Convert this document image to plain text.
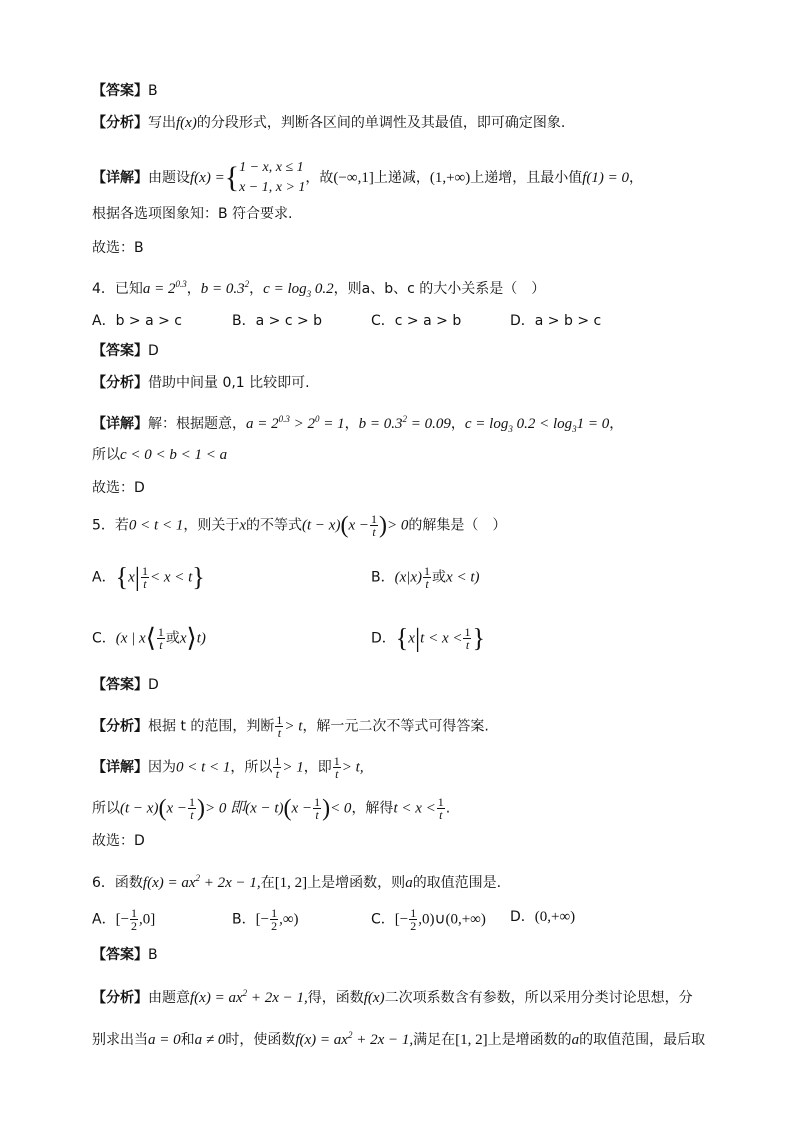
【答案】B
【分析】写出f(x)的分段形式，判断各区间的单调性及其最值，即可确定图象.
【详解】由题设f(x) ={ 1 − x, x ≤ 1
x − 1, x > 1
，故(−∞,1]上递减，(1,+∞)上递增，且最小值f(1) = 0，
根据各选项图象知：B 符合要求.
故选：B
4．已知$a = 2^{0.3}$，$b = 0.3^2$，$c = \log_3 0.2$，则a、b、c 的大小关系是（　）
A．b > a > c	B．a > c > b	C．c > a > b	D．a > b > c
【答案】D
【分析】借助中间量 0,1 比较即可.
【详解】解：根据题意，$a = 2^{0.3} > 2^0 = 1$，$b = 0.3^2 = 0.09$，$c = \log_3 0.2 < \log_31 = 0$，
所以c < 0 < b < 1 < a
故选：D
5．若0 < t < 1，则关于x的不等式$(t - x)(x - \frac{1}{t}$ )> 0的解集是（　）
A．$\{x| \frac{1}{t} < x < t\}$	B．$(x|x) \frac{1}{t}$ 或x < t)
C．(x | x⟨ $\frac{1}{t}$ 或x⟩t)	D．{$x|t < x < \frac{1}{t}$ }
【答案】D
【分析】根据 t 的范围，判断 $\frac{1}{t} > t$，解一元二次不等式可得答案.
【详解】因为0 < t < 1，所以 $\frac{1}{t} > 1$，即 $\frac{1}{t} > t$,
所以$(t - x)(x - \frac{1}{t}$ )> 0 即$(x - t)(x - \frac{1}{t}$ )< 0，解得$t < x < \frac{1}{t}$ .
故选：D
6．函数$f(x) = ax^2 + 2x - 1$,在[1, 2]上是增函数，则a的取值范围是.
A．[− $\frac{1}{2} ,0$]	B．[− $\frac{1}{2}$ ,∞)	C．[− $\frac{1}{2}$ ,0)∪(0,+∞) D．(0,+∞)
【答案】B
【分析】由题意$f(x) = ax^2 + 2x - 1$,得，函数f(x)二次项系数含有参数，所以采用分类讨论思想，分
别求出当a = 0和a ≠ 0时，使函数$f(x) = ax^2 + 2x - 1$,满足在[1, 2]上是增函数的a的取值范围，最后取
